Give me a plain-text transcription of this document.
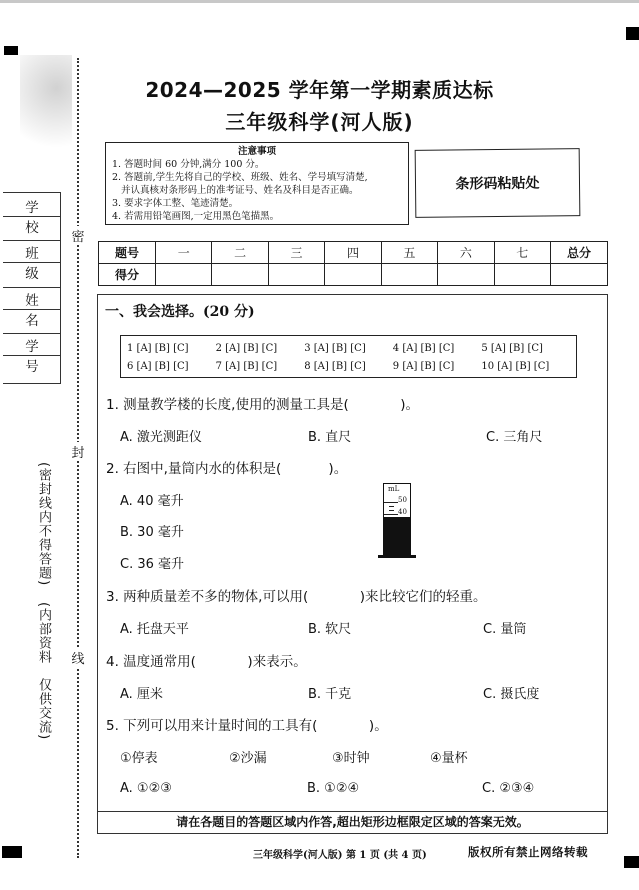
2024—2025 学年第一学期素质达标
三年级科学(河人版)
注意事项
1. 答题时间 60 分钟,满分 100 分。
2. 答题前,学生先将自己的学校、班级、姓名、学号填写清楚,
并认真核对条形码上的准考证号、姓名及科目是否正确。
3. 要求字体工整、笔迹清楚。
4. 若需用铅笔画图,一定用黑色笔描黑。
条形码粘贴处
题号	一	二	三	四	五	六	七	总分
得分								
学 校
班 级
姓 名
学 号
密
封
线
(密封线内不得答题)
(内部资料　仅供交流)
一、我会选择。(20 分)
1 [A] [B] [C]	2 [A] [B] [C]	3 [A] [B] [C]	4 [A] [B] [C]	5 [A] [B] [C]
6 [A] [B] [C]	7 [A] [B] [C]	8 [A] [B] [C]	9 [A] [B] [C]	10 [A] [B] [C]
1. 测量教学楼的长度,使用的测量工具是(            )。
A. 激光测距仪	B. 直尺	C. 三角尺
2. 右图中,量筒内水的体积是(           )。
A. 40 毫升
B. 30 毫升
C. 36 毫升
mL
50
40
3. 两种质量差不多的物体,可以用(            )来比较它们的轻重。
A. 托盘天平	B. 软尺	C. 量筒
4. 温度通常用(            )来表示。
A. 厘米	B. 千克	C. 摄氏度
5. 下列可以用来计量时间的工具有(            )。
①停表	②沙漏	③时钟	④量杯
A. ①②③	B. ①②④	C. ②③④
请在各题目的答题区域内作答,超出矩形边框限定区域的答案无效。
三年级科学(河人版) 第 1 页 (共 4 页)	版权所有禁止网络转载
